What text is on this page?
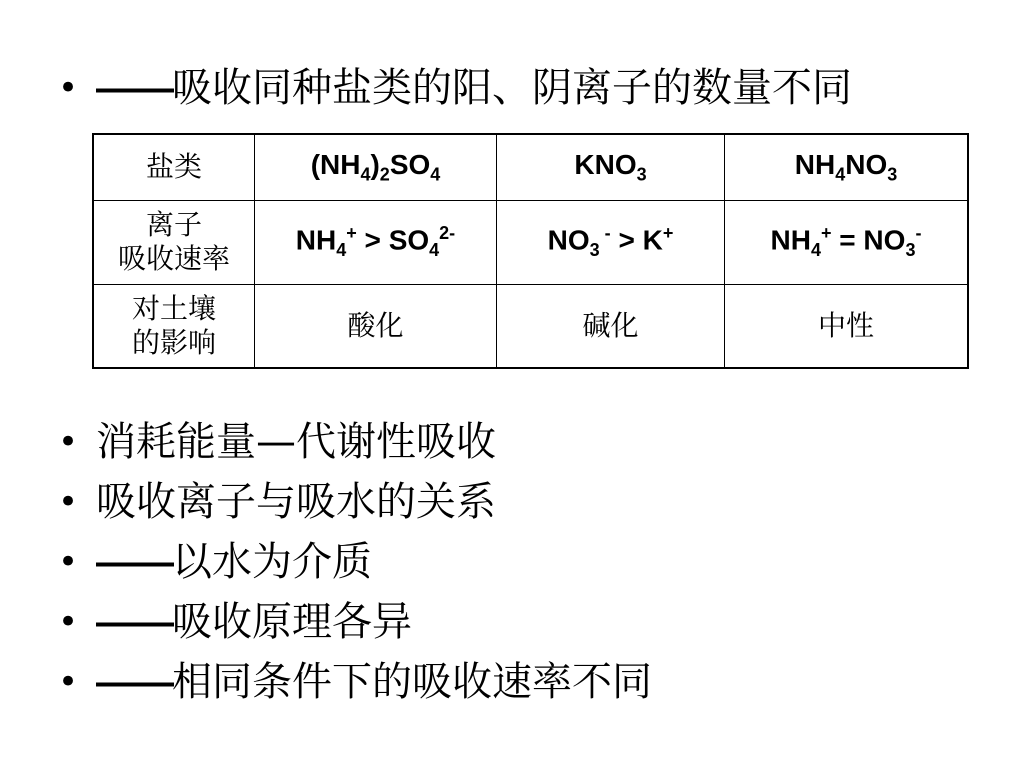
• —— 吸收同种盐类的阳、阴离子的数量不同
盐类	$(NH_4)_2SO_4$	$KNO_3$	$NH_4NO_3$

离子
吸收速率	$NH_4^+ > SO_4^{2-}$	$NO_3$ - > K+	$NH_4^+ = NO_3^-$

对土壤
的影响	酸化	碱化	中性
• 消耗能量—代谢性吸收
• 吸收离子与吸水的关系
• —— 以水为介质
• —— 吸收原理各异
• —— 相同条件下的吸收速率不同
